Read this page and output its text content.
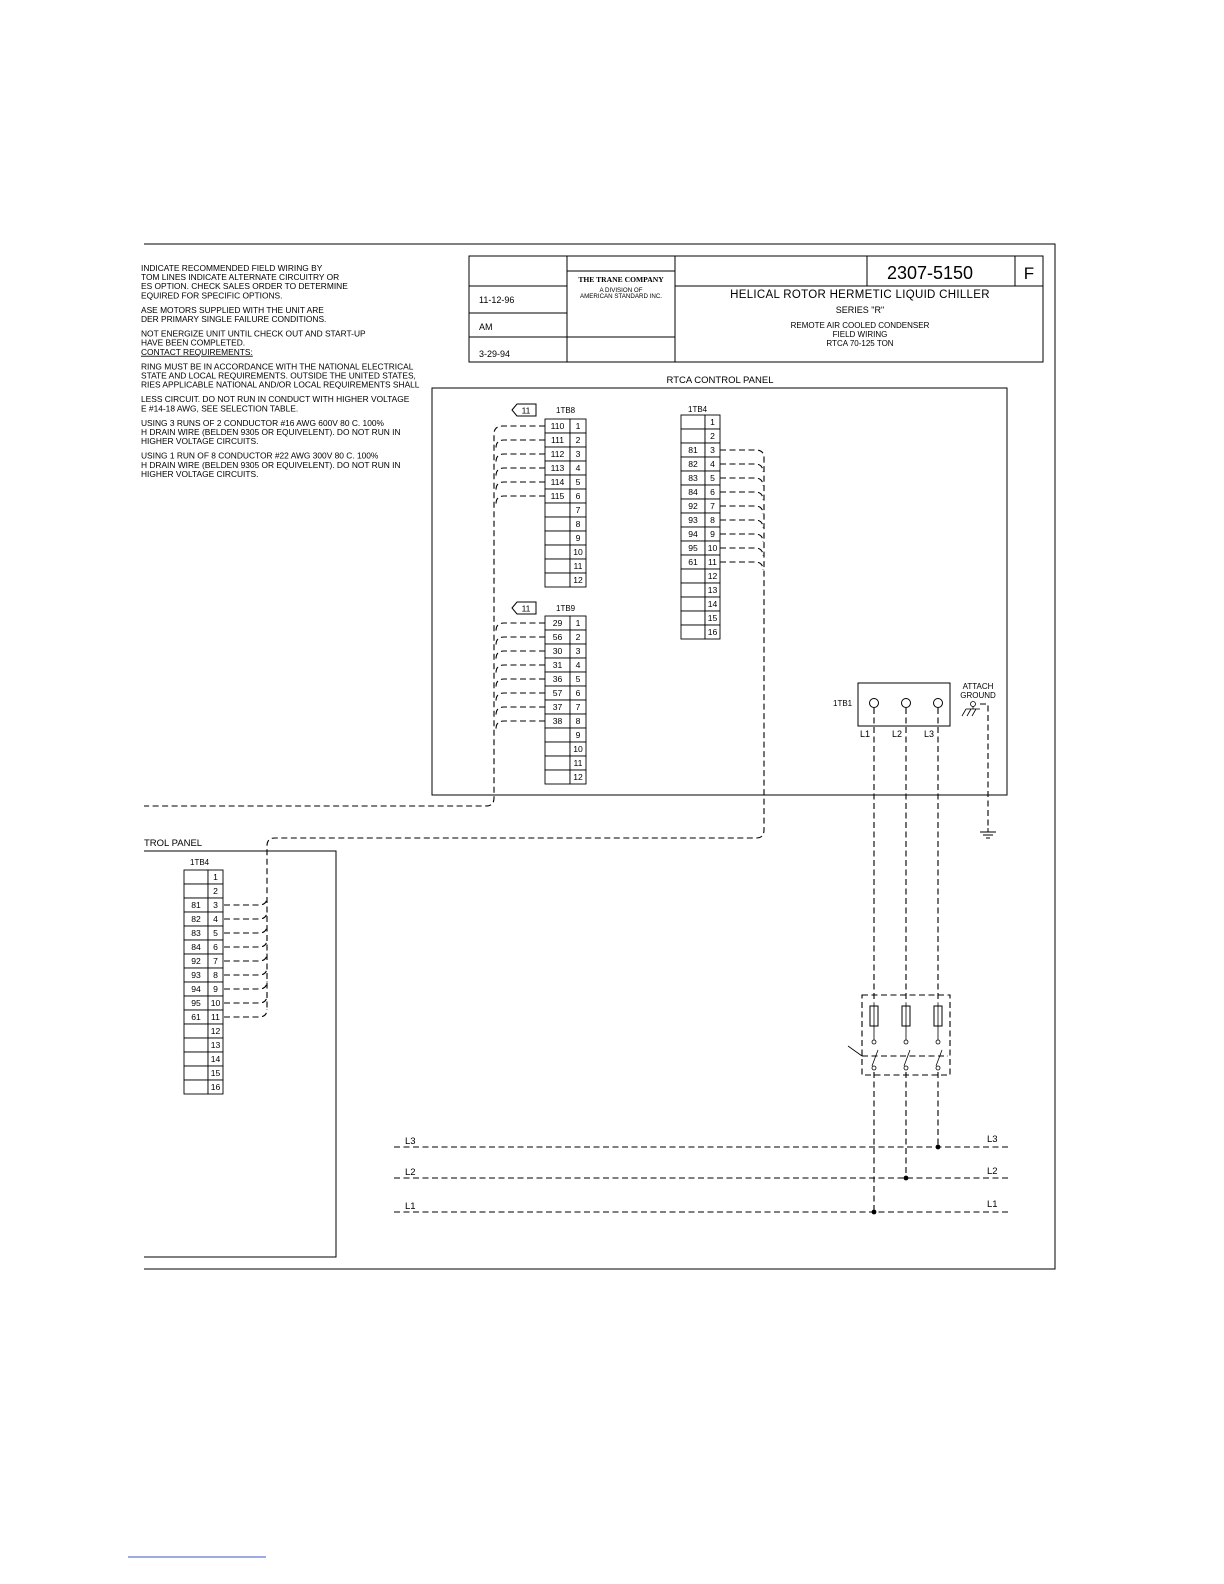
INDICATE RECOMMENDED FIELD WIRING BY
TOM LINES INDICATE ALTERNATE CIRCUITRY OR
ES OPTION. CHECK SALES ORDER TO DETERMINE
EQUIRED FOR SPECIFIC OPTIONS.
ASE MOTORS SUPPLIED WITH THE UNIT ARE
DER PRIMARY SINGLE FAILURE CONDITIONS.
NOT ENERGIZE UNIT UNTIL CHECK OUT AND START-UP
HAVE BEEN COMPLETED.
CONTACT REQUIREMENTS:
RING MUST BE IN ACCORDANCE WITH THE NATIONAL ELECTRICAL
STATE AND LOCAL REQUIREMENTS. OUTSIDE THE UNITED STATES,
RIES APPLICABLE NATIONAL AND/OR LOCAL REQUIREMENTS SHALL
LESS CIRCUIT. DO NOT RUN IN CONDUCT WITH HIGHER VOLTAGE
E #14-18 AWG, SEE SELECTION TABLE.
USING 3 RUNS OF 2 CONDUCTOR #16 AWG 600V 80 C. 100%
H DRAIN WIRE (BELDEN 9305 OR EQUIVELENT). DO NOT RUN IN
HIGHER VOLTAGE CIRCUITS.
USING 1 RUN OF 8 CONDUCTOR #22 AWG 300V 80 C. 100%
H DRAIN WIRE (BELDEN 9305 OR EQUIVELENT). DO NOT RUN IN
HIGHER VOLTAGE CIRCUITS.
THE TRANE COMPANY
A DIVISION OF
AMERICAN STANDARD INC.
2307-5150	F
11-12-96
AM
3-29-94
HELICAL ROTOR HERMETIC LIQUID CHILLER
SERIES "R"
REMOTE AIR COOLED CONDENSER
FIELD WIRING
RTCA 70-125 TON
RTCA CONTROL PANEL
11	1TB8
11	1TB9
1TB4
110 1
111 2
112 3
113 4
114 5
115 6
7
8
9
10
11
12
29 1
56 2
30 3
31 4
36 5
57 6
37 7
38 8
9
10
11
12
1
2
81 3
82 4
83 5
84 6
92 7
93 8
94 9
95 10
61 11
12
13
14
15
16
1TB1
L1 L2 L3
ATTACH
GROUND
L3
L2
L1
L3
L2
L1
TROL PANEL
1TB4
1
2
81 3
82 4
83 5
84 6
92 7
93 8
94 9
95 10
61 11
12
13
14
15
16
